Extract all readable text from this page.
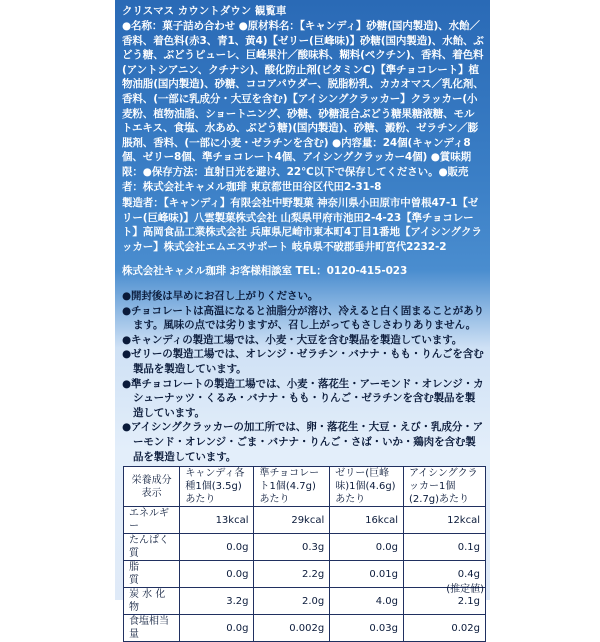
クリスマス カウントダウン 観覧車
●名称：菓子詰め合わせ ●原材料名：【キャンディ】砂糖(国内製造)、水飴／香料、着色料(赤3、青1、黄4)【ゼリー(巨峰味)】砂糖(国内製造)、水飴、ぶどう糖、ぶどうピューレ、巨峰果汁／酸味料、糊料(ペクチン)、香料、着色料(アントシアニン、クチナシ)、酸化防止剤(ビタミンC)【準チョコレート】植物油脂(国内製造)、砂糖、ココアパウダー、脱脂粉乳、カカオマス／乳化剤、香料、(一部に乳成分・大豆を含む)【アイシングクラッカー】クラッカー(小麦粉、植物油脂、ショートニング、砂糖、砂糖混合ぶどう糖果糖液糖、モルトエキス、食塩、水あめ、ぶどう糖)(国内製造)、砂糖、澱粉、ゼラチン／膨脹剤、香料、(一部に小麦・ゼラチンを含む) ●内容量：24個(キャンディ8個、ゼリー8個、準チョコレート4個、アイシングクラッカー4個) ●賞味期限：●保存方法：直射日光を避け、22℃以下で保存してください。●販売者：株式会社キャメル珈琲 東京都世田谷区代田2-31-8
製造者：【キャンディ】有限会社中野製菓 神奈川県小田原市中曽根47-1【ゼリー(巨峰味)】八雲製菓株式会社 山梨県甲府市池田2-4-23【準チョコレート】高岡食品工業株式会社 兵庫県尼崎市東本町4丁目1番地【アイシングクラッカー】株式会社エムエスサポート 岐阜県不破郡垂井町宮代2232-2
株式会社キャメル珈琲 お客様相談室 TEL：0120-415-023

●開封後は早めにお召し上がりください。

●チョコレートは高温になると油脂分が溶け、冷えると白く固まることがあります。風味の点では劣りますが、召し上がってもさしさわりありません。

●キャンディの製造工場では、小麦・大豆を含む製品を製造しています。

●ゼリーの製造工場では、オレンジ・ゼラチン・バナナ・もも・りんごを含む製品を製造しています。

●準チョコレートの製造工場では、小麦・落花生・アーモンド・オレンジ・カシューナッツ・くるみ・バナナ・もも・りんご・ゼラチンを含む製品を製造しています。

●アイシングクラッカーの加工所では、卵・落花生・大豆・えび・乳成分・アーモンド・オレンジ・ごま・バナナ・りんご・さば・いか・鶏肉を含む製品を製造しています。

栄養成分表示	キャンディ各種1個(3.5g)あたり	準チョコレート1個(4.7g)あたり	ゼリー(巨峰味)1個(4.6g)あたり	アイシングクラッカー1個(2.7g)あたり
エネルギー	13kcal	29kcal	16kcal	12kcal
たんぱく質	0.0g	0.3g	0.0g	0.1g
脂　　　質	0.0g	2.2g	0.01g	0.4g
炭 水 化 物	3.2g	2.0g	4.0g	2.1g
食塩相当量	0.0g	0.002g	0.03g	0.02g
(推定値)
